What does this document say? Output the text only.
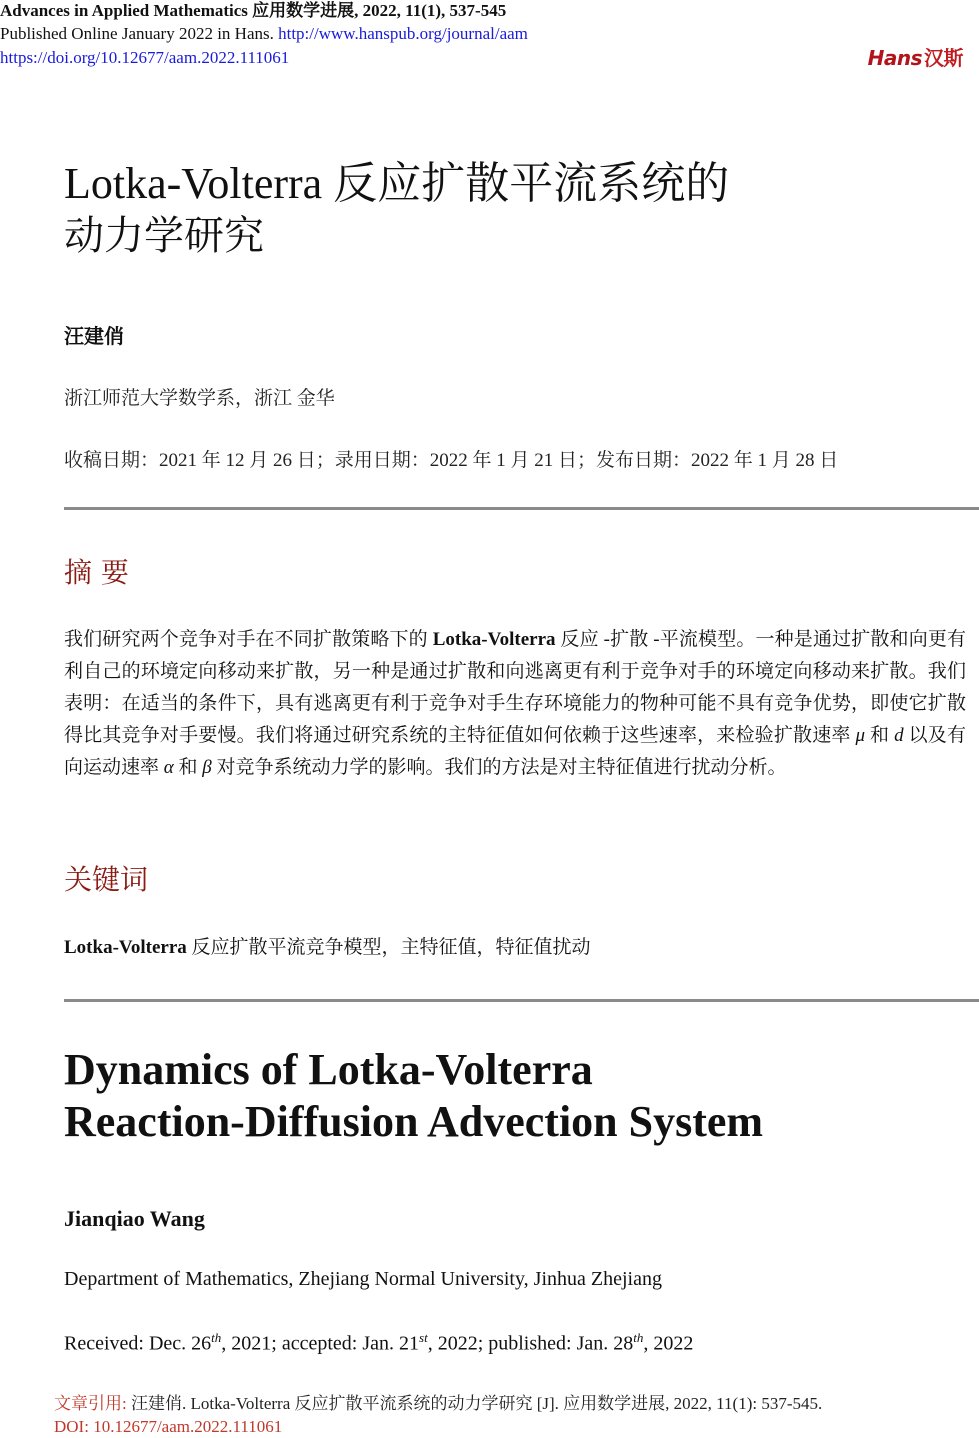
Advances in Applied Mathematics 应用数学进展, 2022, 11(1), 537-545
Published Online January 2022 in Hans. http://www.hanspub.org/journal/aam
https://doi.org/10.12677/aam.2022.111061	Hans 汉斯
Lotka-Volterra 反应扩散平流系统的
动力学研究
汪建俏
浙江师范大学数学系，浙江 金华
收稿日期：2021 年 12 月 26 日；录用日期：2022 年 1 月 21 日；发布日期：2022 年 1 月 28 日
摘 要
我们研究两个竞争对手在不同扩散策略下的 Lotka-Volterra 反应 -扩散 -平流模型。一种是通过扩散和向更有利自己的环境定向移动来扩散，另一种是通过扩散和向逃离更有利于竞争对手的环境定向移动来扩散。我们表明：在适当的条件下，具有逃离更有利于竞争对手生存环境能力的物种可能不具有竞争优势，即使它扩散得比其竞争对手要慢。我们将通过研究系统的主特征值如何依赖于这些速率，来检验扩散速率 μ 和 d 以及有向运动速率 α 和 β 对竞争系统动力学的影响。我们的方法是对主特征值进行扰动分析。
关键词
Lotka-Volterra 反应扩散平流竞争模型，主特征值，特征值扰动
Dynamics of Lotka-Volterra
Reaction-Diffusion Advection System
Jianqiao Wang
Department of Mathematics, Zhejiang Normal University, Jinhua Zhejiang
Received: Dec. 26th, 2021; accepted: Jan. 21st, 2022; published: Jan. 28th, 2022
文章引用: 汪建俏. Lotka-Volterra 反应扩散平流系统的动力学研究 [J]. 应用数学进展, 2022, 11(1): 537-545.
DOI: 10.12677/aam.2022.111061
